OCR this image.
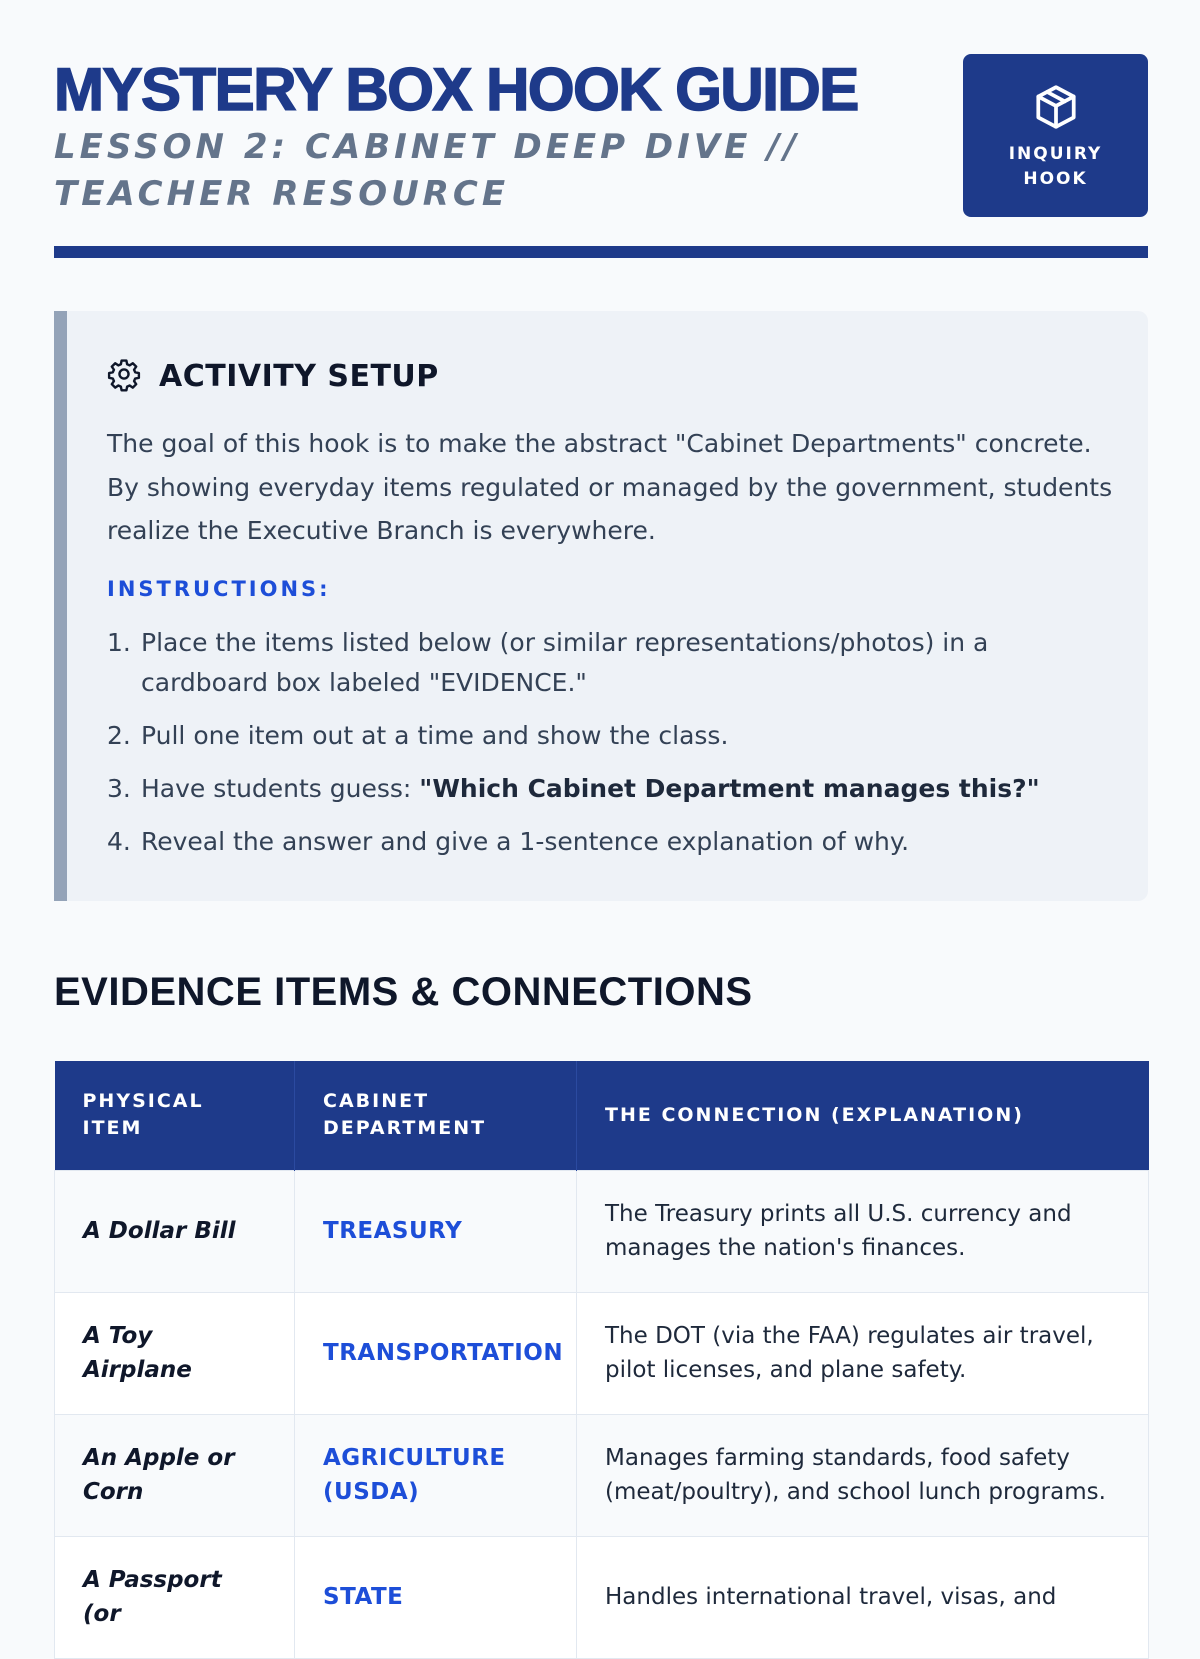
MYSTERY BOX HOOK GUIDE
LESSON 2: CABINET DEEP DIVE // TEACHER RESOURCE
INQUIRY HOOK
ACTIVITY SETUP
The goal of this hook is to make the abstract "Cabinet Departments" concrete. By showing everyday items regulated or managed by the government, students realize the Executive Branch is everywhere.
INSTRUCTIONS:
1. Place the items listed below (or similar representations/photos) in a cardboard box labeled "EVIDENCE."
2. Pull one item out at a time and show the class.
3. Have students guess: "Which Cabinet Department manages this?"
4. Reveal the answer and give a 1-sentence explanation of why.
EVIDENCE ITEMS & CONNECTIONS
PHYSICAL ITEM	CABINET DEPARTMENT	THE CONNECTION (EXPLANATION)
A Dollar Bill	TREASURY	The Treasury prints all U.S. currency and manages the nation's finances.
A Toy Airplane	TRANSPORTATION	The DOT (via the FAA) regulates air travel, pilot licenses, and plane safety.
An Apple or Corn	AGRICULTURE (USDA)	Manages farming standards, food safety (meat/poultry), and school lunch programs.
A Passport (or	STATE	Handles international travel, visas, and
